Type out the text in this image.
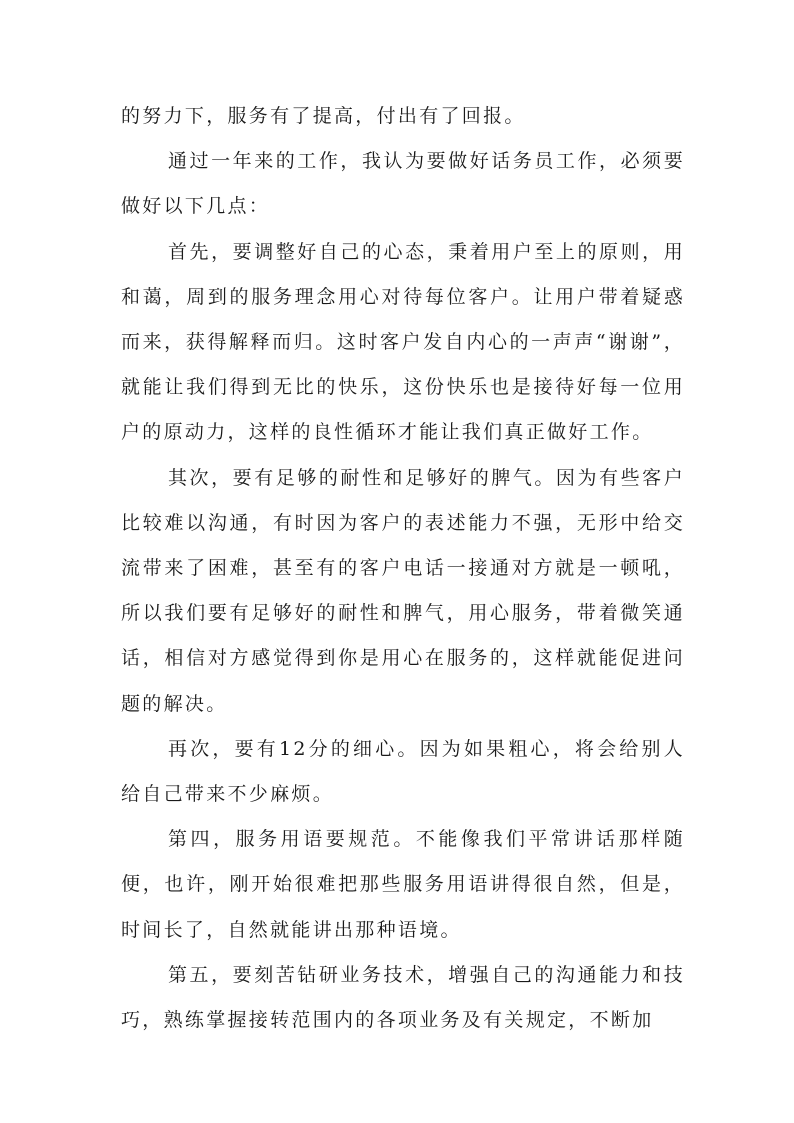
的努力下，服务有了提高，付出有了回报。

通过一年来的工作，我认为要做好话务员工作，必须要做好以下几点：

首先，要调整好自己的心态，秉着用户至上的原则，用和蔼，周到的服务理念用心对待每位客户。让用户带着疑惑而来，获得解释而归。这时客户发自内心的一声声“谢谢”，就能让我们得到无比的快乐，这份快乐也是接待好每一位用户的原动力，这样的良性循环才能让我们真正做好工作。

其次，要有足够的耐性和足够好的脾气。因为有些客户比较难以沟通，有时因为客户的表述能力不强，无形中给交流带来了困难，甚至有的客户电话一接通对方就是一顿吼，所以我们要有足够好的耐性和脾气，用心服务，带着微笑通话，相信对方感觉得到你是用心在服务的，这样就能促进问题的解决。

再次，要有12分的细心。因为如果粗心，将会给别人给自己带来不少麻烦。

第四，服务用语要规范。不能像我们平常讲话那样随便，也许，刚开始很难把那些服务用语讲得很自然，但是，时间长了，自然就能讲出那种语境。

第五，要刻苦钻研业务技术，增强自己的沟通能力和技巧，熟练掌握接转范围内的各项业务及有关规定，不断加
